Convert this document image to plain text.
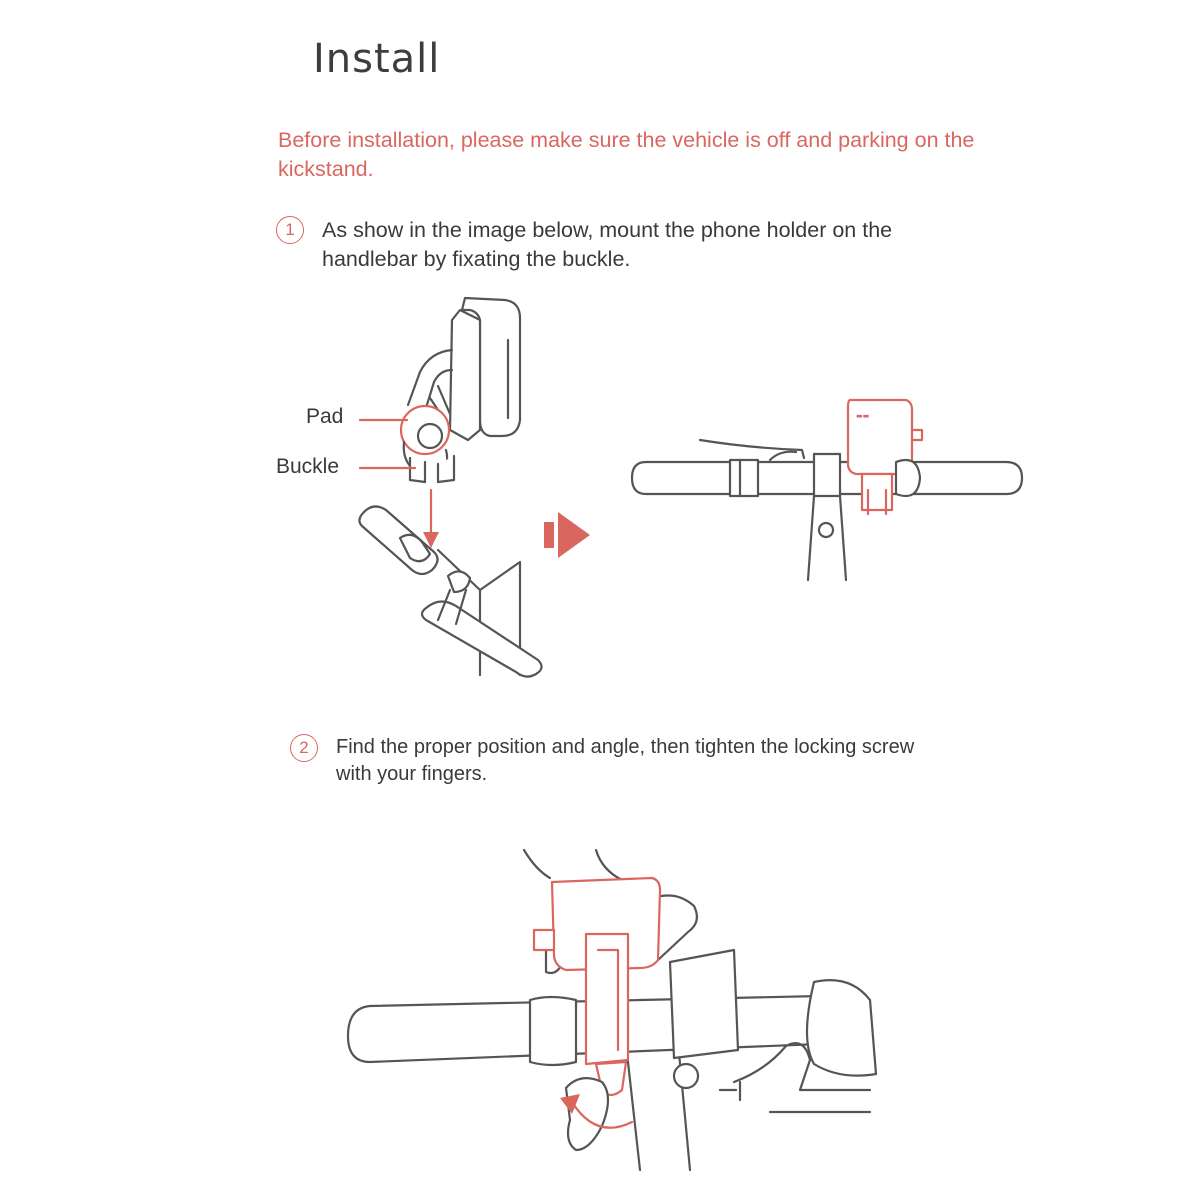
Install
Before installation, please make sure the vehicle is off and parking on the kickstand.
1	As show in the image below, mount the phone holder on the handlebar by fixating the buckle.
Pad
Buckle
▬▬
2	Find the proper position and angle, then tighten the locking screw with your fingers.
